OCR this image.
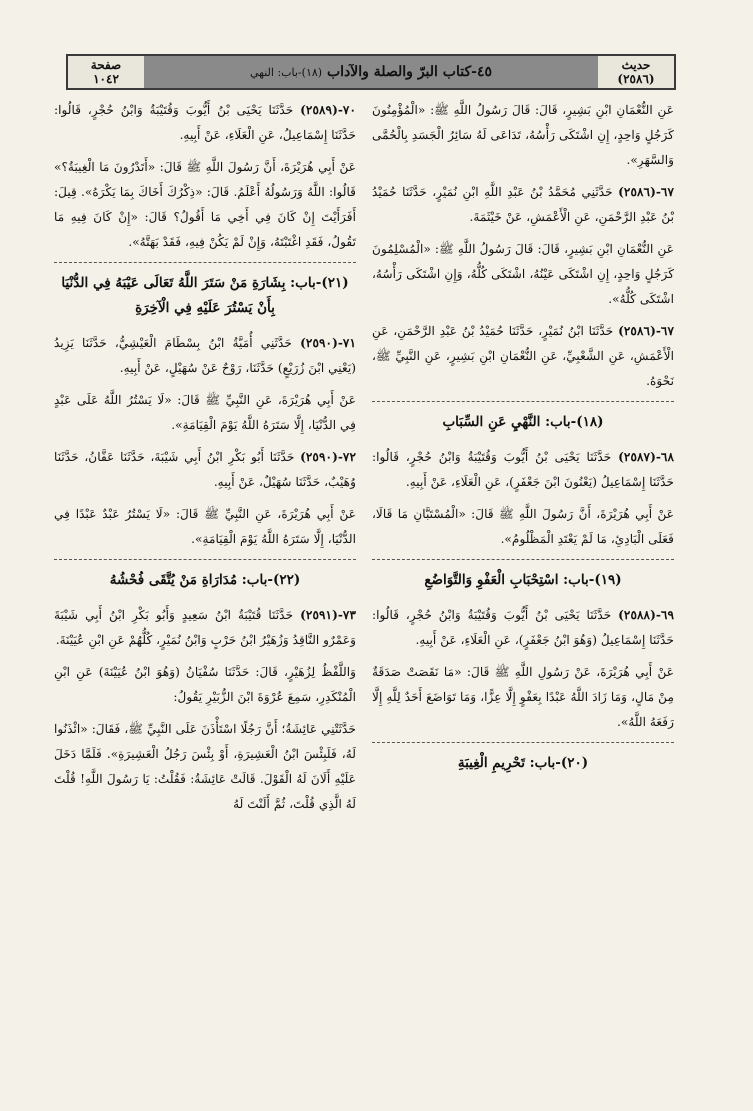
حديث
(٢٥٨٦)
٤٥-كتاب البرّ والصلة والآداب (١٨)-باب: النهي
صفحة
١٠٤٢

عَنِ النُّعْمَانِ ابْنِ بَشِيرٍ، قَالَ: قَالَ رَسُولُ اللَّهِ ﷺ: «الْمُؤْمِنُونَ كَرَجُلٍ وَاحِدٍ، إِنِ اشْتَكَى رَأْسُهُ، تَدَاعَى لَهُ سَائِرُ الْجَسَدِ بِالْحُمَّى وَالسَّهَرِ».

٦٧-(٢٥٨٦) حَدَّثَنِي مُحَمَّدُ بْنُ عَبْدِ اللَّهِ ابْنِ نُمَيْرٍ، حَدَّثَنَا حُمَيْدُ بْنُ عَبْدِ الرَّحْمَنِ، عَنِ الْأَعْمَشِ، عَنْ خَيْثَمَةَ.

عَنِ النُّعْمَانِ ابْنِ بَشِيرٍ، قَالَ: قَالَ رَسُولُ اللَّهِ ﷺ: «الْمُسْلِمُونَ كَرَجُلٍ وَاحِدٍ، إِنِ اشْتَكَى عَيْنُهُ، اشْتَكَى كُلُّهُ، وَإِنِ اشْتَكَى رَأْسُهُ، اشْتَكَى كُلُّهُ».

٦٧-(٢٥٨٦) حَدَّثَنَا ابْنُ نُمَيْرٍ، حَدَّثَنَا حُمَيْدُ بْنُ عَبْدِ الرَّحْمَنِ، عَنِ الْأَعْمَشِ، عَنِ الشَّعْبِيِّ، عَنِ النُّعْمَانِ ابْنِ بَشِيرٍ، عَنِ النَّبِيِّ ﷺ، نَحْوَهُ.

(١٨)-باب: النَّهْيِ عَنِ السِّبَابِ

٦٨-(٢٥٨٧) حَدَّثَنَا يَحْيَى بْنُ أَيُّوبَ وَقُتَيْبَةُ وَابْنُ حُجْرٍ، قَالُوا: حَدَّثَنَا إِسْمَاعِيلُ (يَعْنُونَ ابْنَ جَعْفَرٍ)، عَنِ الْعَلَاءِ، عَنْ أَبِيهِ.

عَنْ أَبِي هُرَيْرَةَ، أَنَّ رَسُولَ اللَّهِ ﷺ قَالَ: «الْمُسْتَبَّانِ مَا قَالَا، فَعَلَى الْبَادِئِ، مَا لَمْ يَعْتَدِ الْمَظْلُومُ».

(١٩)-باب: اسْتِحْبَابِ الْعَفْوِ وَالتَّوَاضُعِ

٦٩-(٢٥٨٨) حَدَّثَنَا يَحْيَى بْنُ أَيُّوبَ وَقُتَيْبَةُ وَابْنُ حُجْرٍ، قَالُوا: حَدَّثَنَا إِسْمَاعِيلُ (وَهُوَ ابْنُ جَعْفَرٍ)، عَنِ الْعَلَاءِ، عَنْ أَبِيهِ.

عَنْ أَبِي هُرَيْرَةَ، عَنْ رَسُولِ اللَّهِ ﷺ قَالَ: «مَا نَقَصَتْ صَدَقَةٌ مِنْ مَالٍ، وَمَا زَادَ اللَّهُ عَبْدًا بِعَفْوٍ إِلَّا عِزًّا، وَمَا تَوَاضَعَ أَحَدٌ لِلَّهِ إِلَّا رَفَعَهُ اللَّهُ».

(٢٠)-باب: تَحْرِيمِ الْغِيبَةِ

٧٠-(٢٥٨٩) حَدَّثَنَا يَحْيَى بْنُ أَيُّوبَ وَقُتَيْبَةُ وَابْنُ حُجْرٍ، قَالُوا: حَدَّثَنَا إِسْمَاعِيلُ، عَنِ الْعَلَاءِ، عَنْ أَبِيهِ.

عَنْ أَبِي هُرَيْرَةَ، أَنَّ رَسُولَ اللَّهِ ﷺ قَالَ: «أَتَدْرُونَ مَا الْغِيبَةُ؟» قَالُوا: اللَّهُ وَرَسُولُهُ أَعْلَمُ. قَالَ: «ذِكْرُكَ أَخَاكَ بِمَا يَكْرَهُ». قِيلَ: أَفَرَأَيْتَ إِنْ كَانَ فِي أَخِي مَا أَقُولُ؟ قَالَ: «إِنْ كَانَ فِيهِ مَا تَقُولُ، فَقَدِ اغْتَبْتَهُ، وَإِنْ لَمْ يَكُنْ فِيهِ، فَقَدْ بَهَتَّهُ».

(٢١)-باب: بِشَارَةِ مَنْ سَتَرَ اللَّهُ تَعَالَى عَيْبَهُ فِي الدُّنْيَا بِأَنْ يَسْتُرَ عَلَيْهِ فِي الْآخِرَةِ

٧١-(٢٥٩٠) حَدَّثَنِي أُمَيَّةُ ابْنُ بِسْطَامَ الْعَيْشِيُّ، حَدَّثَنَا يَزِيدُ (يَعْنِي ابْنَ زُرَيْعٍ) حَدَّثَنَا، رَوْحٌ عَنْ سُهَيْلٍ، عَنْ أَبِيهِ.

عَنْ أَبِي هُرَيْرَةَ، عَنِ النَّبِيِّ ﷺ قَالَ: «لَا يَسْتُرُ اللَّهُ عَلَى عَبْدٍ فِي الدُّنْيَا، إِلَّا سَتَرَهُ اللَّهُ يَوْمَ الْقِيَامَةِ».

٧٢-(٢٥٩٠) حَدَّثَنَا أَبُو بَكْرِ ابْنُ أَبِي شَيْبَةَ، حَدَّثَنَا عَفَّانُ، حَدَّثَنَا وُهَيْبٌ، حَدَّثَنَا سُهَيْلٌ، عَنْ أَبِيهِ.

عَنْ أَبِي هُرَيْرَةَ، عَنِ النَّبِيِّ ﷺ قَالَ: «لَا يَسْتُرُ عَبْدٌ عَبْدًا فِي الدُّنْيَا، إِلَّا سَتَرَهُ اللَّهُ يَوْمَ الْقِيَامَةِ».

(٢٢)-باب: مُدَارَاةِ مَنْ يُتَّقَى فُحْشُهُ

٧٣-(٢٥٩١) حَدَّثَنَا قُتَيْبَةُ ابْنُ سَعِيدٍ وَأَبُو بَكْرِ ابْنُ أَبِي شَيْبَةَ وَعَمْرٌو النَّاقِدُ وَزُهَيْرُ ابْنُ حَرْبٍ وَابْنُ نُمَيْرٍ، كُلُّهُمْ عَنِ ابْنِ عُيَيْنَةَ.

وَاللَّفْظُ لِزُهَيْرٍ، قَالَ: حَدَّثَنَا سُفْيَانُ (وَهُوَ ابْنُ عُيَيْنَةَ) عَنِ ابْنِ الْمُنْكَدِرِ، سَمِعَ عُرْوَةَ ابْنَ الزُّبَيْرِ يَقُولُ:

حَدَّثَتْنِي عَائِشَةُ؛ أَنَّ رَجُلًا اسْتَأْذَنَ عَلَى النَّبِيِّ ﷺ، فَقَالَ: «ائْذَنُوا لَهُ، فَلَبِئْسَ ابْنُ الْعَشِيرَةِ، أَوْ بِئْسَ رَجُلُ الْعَشِيرَةِ». فَلَمَّا دَخَلَ عَلَيْهِ أَلَانَ لَهُ الْقَوْلَ. قَالَتْ عَائِشَةُ: فَقُلْتُ: يَا رَسُولَ اللَّهِ! قُلْتَ لَهُ الَّذِي قُلْتَ، ثُمَّ أَلَنْتَ لَهُ
